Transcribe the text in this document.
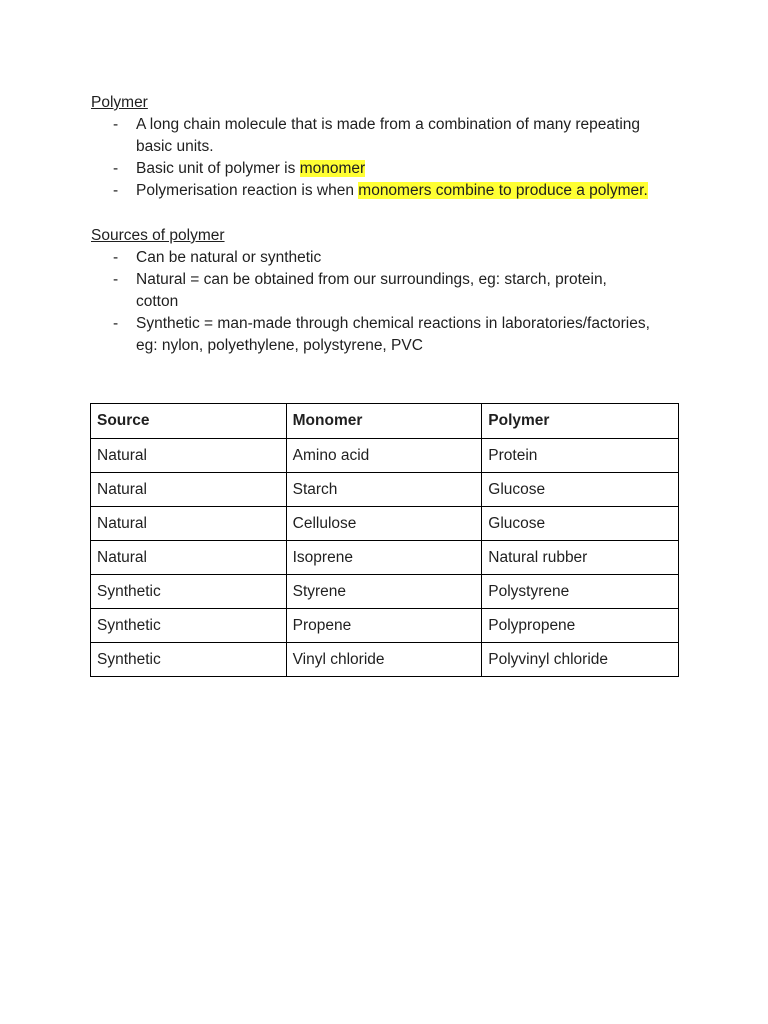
Polymer
- A long chain molecule that is made from a combination of many repeating
basic units.
- Basic unit of polymer is monomer
- Polymerisation reaction is when monomers combine to produce a polymer.
Sources of polymer
- Can be natural or synthetic
- Natural = can be obtained from our surroundings, eg: starch, protein,
cotton
- Synthetic = man-made through chemical reactions in laboratories/factories,
eg: nylon, polyethylene, polystyrene, PVC
Source	Monomer	Polymer
Natural	Amino acid	Protein
Natural	Starch	Glucose
Natural	Cellulose	Glucose
Natural	Isoprene	Natural rubber
Synthetic	Styrene	Polystyrene
Synthetic	Propene	Polypropene
Synthetic	Vinyl chloride	Polyvinyl chloride
